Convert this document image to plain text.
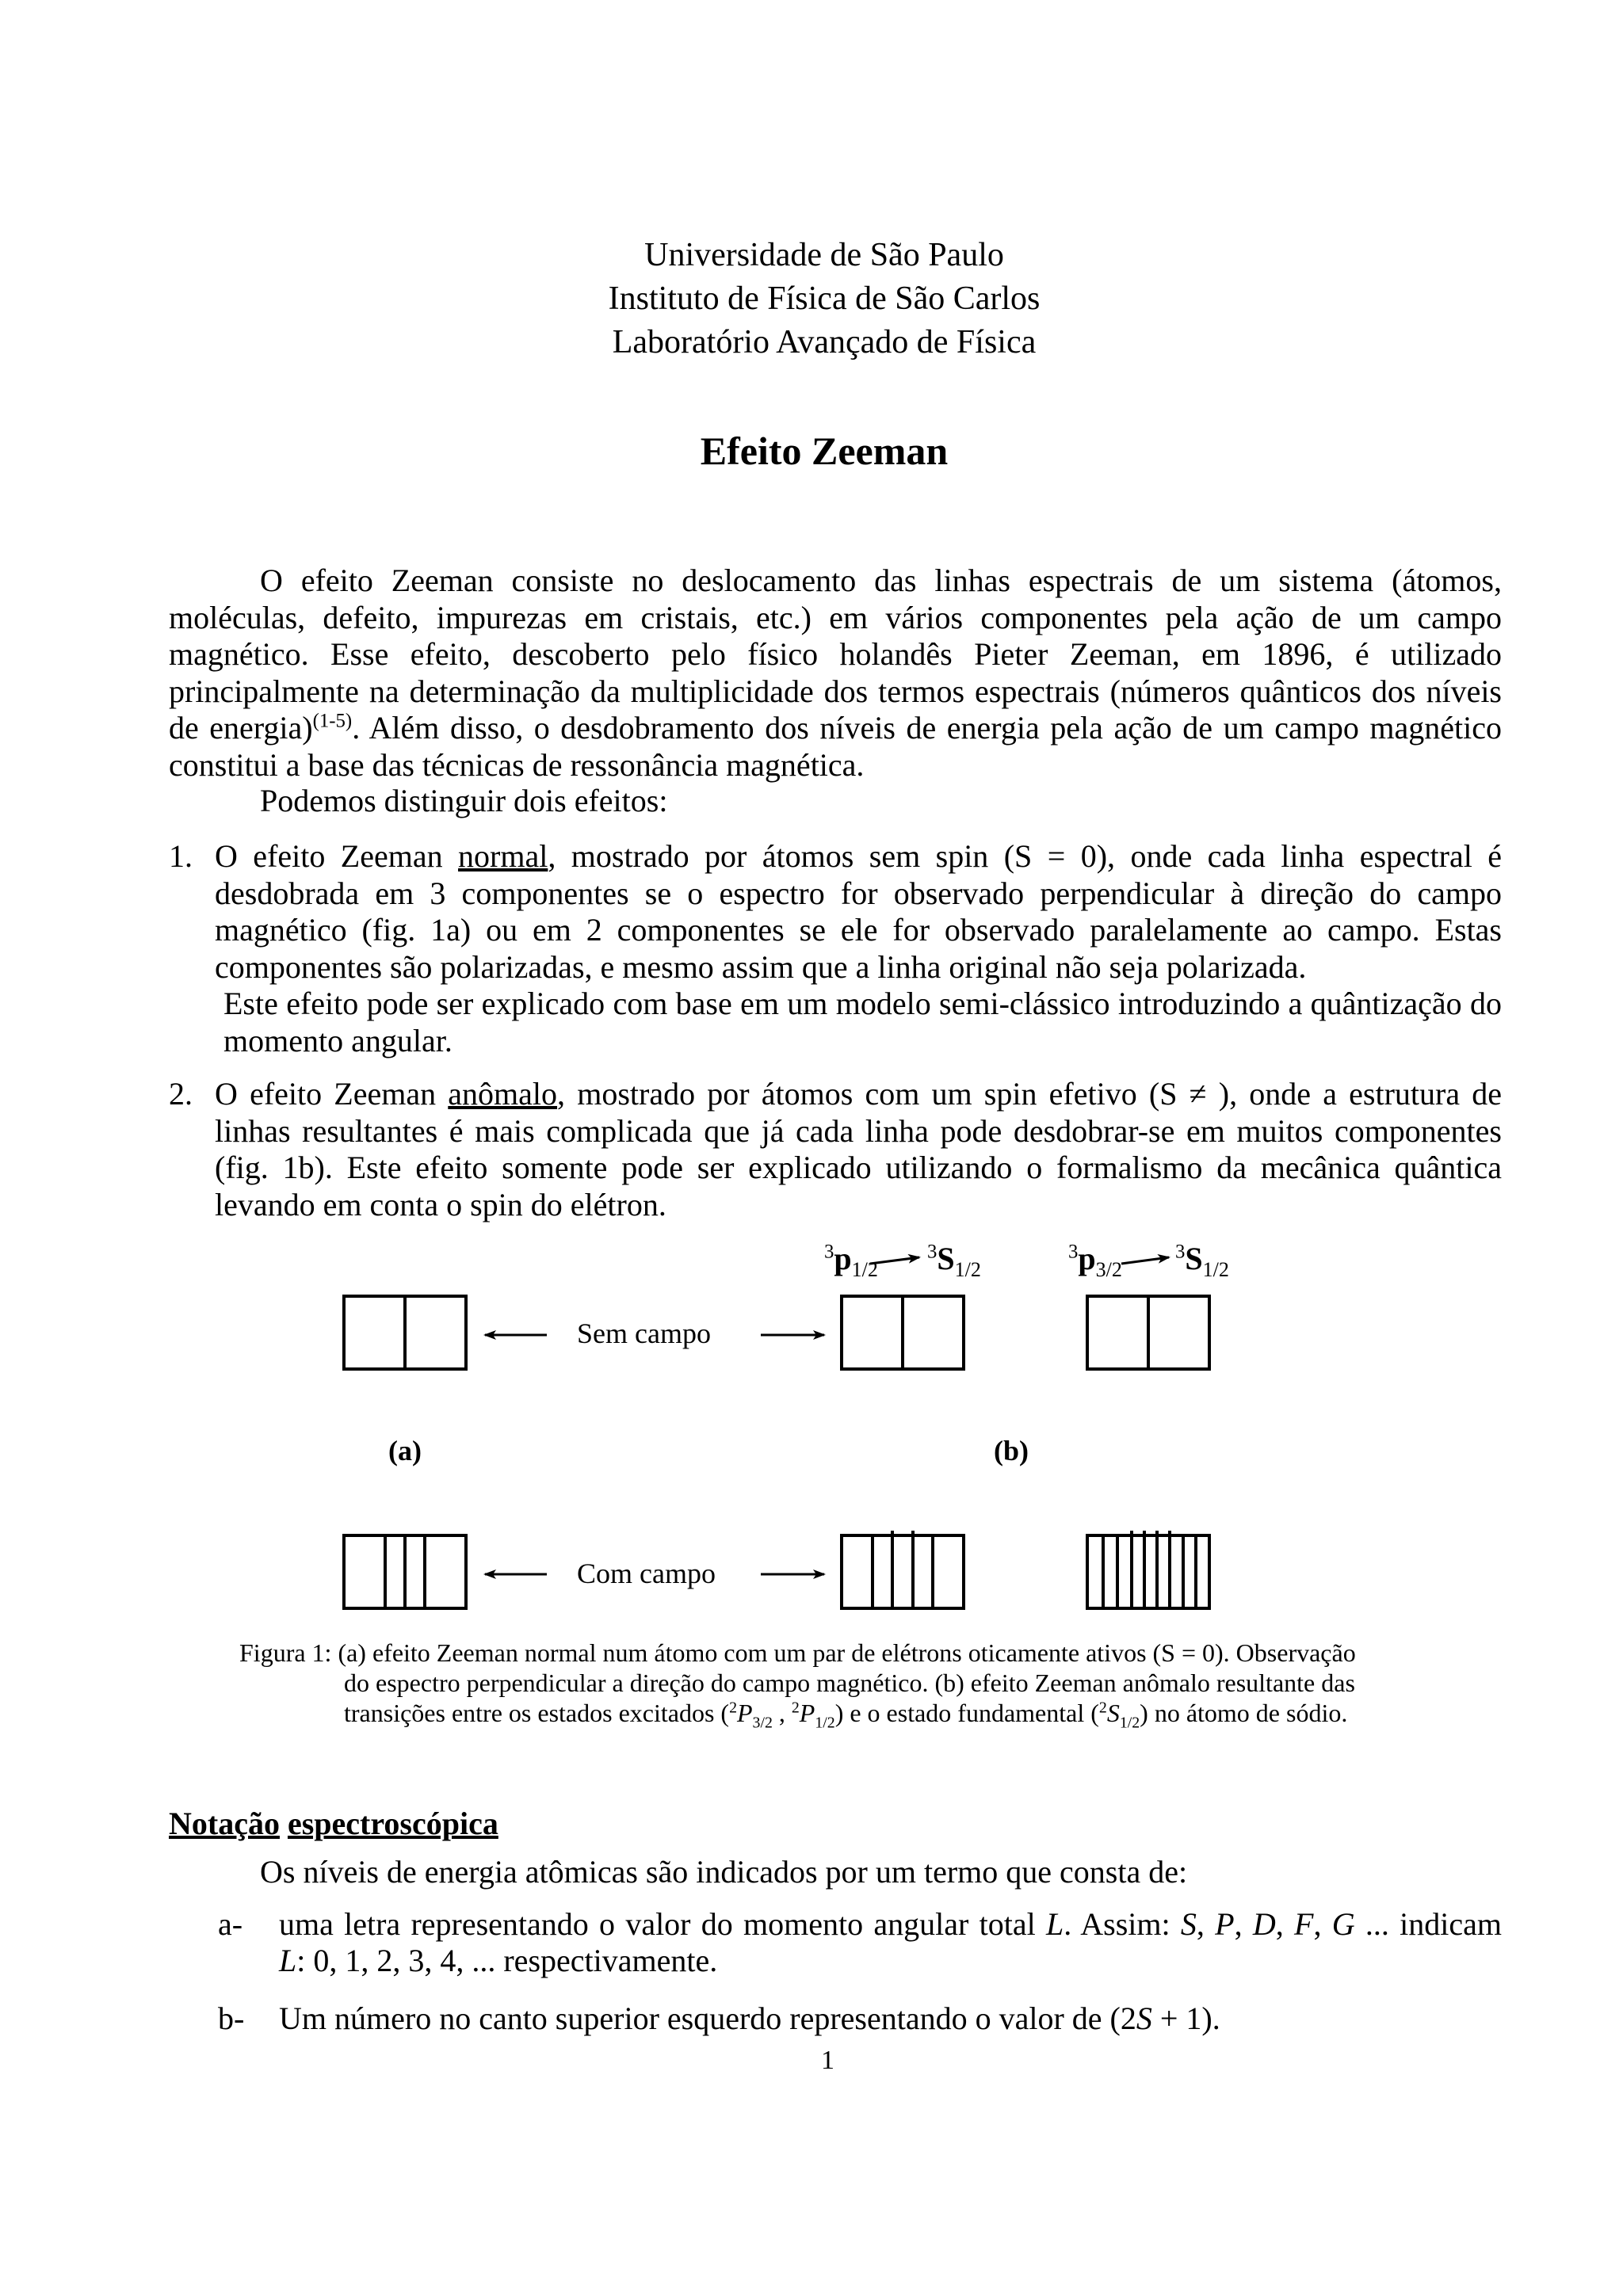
Universidade de São Paulo
Instituto de Física de São Carlos
Laboratório Avançado de Física
Efeito Zeeman

O efeito Zeeman consiste no deslocamento das linhas espectrais de um sistema (átomos, moléculas, defeito, impurezas em cristais, etc.) em vários componentes pela ação de um campo magnético. Esse efeito, descoberto pelo físico holandês Pieter Zeeman, em 1896, é utilizado principalmente na determinação da multiplicidade dos termos espectrais (números quânticos dos níveis de energia)$^{(1-5)}$. Além disso, o desdobramento dos níveis de energia pela ação de um campo magnético constitui a base das técnicas de ressonância magnética.

Podemos distinguir dois efeitos:

1. O efeito Zeeman normal, mostrado por átomos sem spin (S = 0), onde cada linha espectral é desdobrada em 3 componentes se o espectro for observado perpendicular à direção do campo magnético (fig. 1a) ou em 2 componentes se ele for observado paralelamente ao campo. Estas componentes são polarizadas, e mesmo assim que a linha original não seja polarizada.

Este efeito pode ser explicado com base em um modelo semi-clássico introduzindo a quântização do momento angular.

2. O efeito Zeeman anômalo, mostrado por átomos com um spin efetivo (S ≠ ), onde a estrutura de linhas resultantes é mais complicada que já cada linha pode desdobrar-se em muitos componentes (fig. 1b). Este efeito somente pode ser explicado utilizando o formalismo da mecânica quântica levando em conta o spin do elétron.

$^3p_{1/2}$
$^3S_{1/2}$
$^3p_{3/2}$
$^3S_{1/2}$
Sem campo
Com campo
(a)	(b)
Figura 1: (a) efeito Zeeman normal num átomo com um par de elétrons oticamente ativos (S = 0). Observação
do espectro perpendicular a direção do campo magnético. (b) efeito Zeeman anômalo resultante das
transições entre os estados excitados ($^2P_{3/2}$ , $^2P_{1/2}$) e o estado fundamental $(^2S_{1/2})$ no átomo de sódio.
Notação espectroscópica
Os níveis de energia atômicas são indicados por um termo que consta de:
a- uma letra representando o valor do momento angular total L. Assim: S, P, D, F, G ... indicam
L: 0, 1, 2, 3, 4, ... respectivamente.
b- Um número no canto superior esquerdo representando o valor de (2S + 1).
1
